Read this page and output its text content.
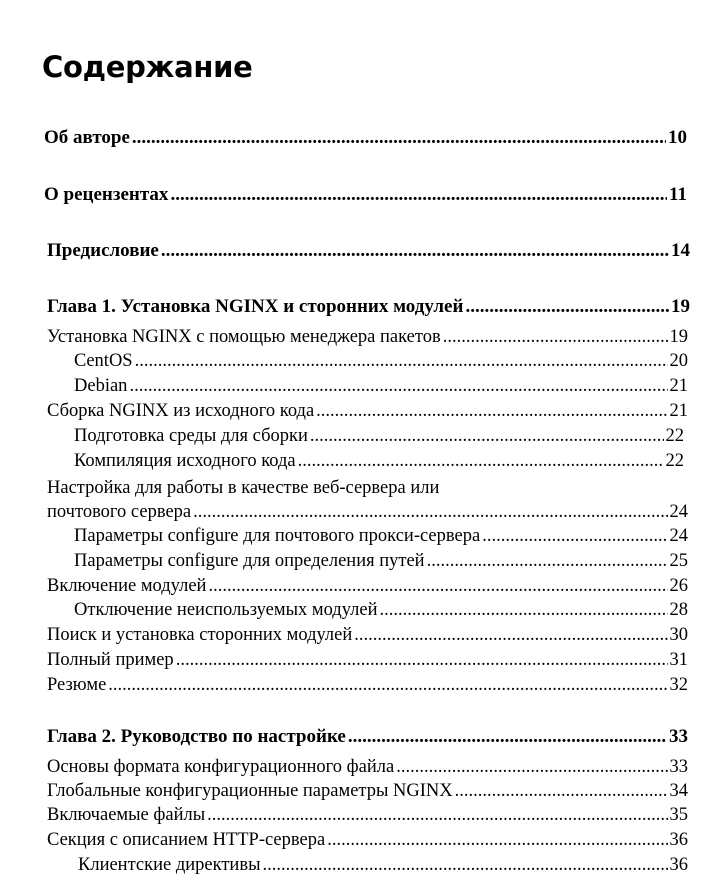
Содержание
Об авторе .....	10
О рецензентах .....	11
Предисловие .....	14
Глава 1. Установка NGINX и сторонних модулей .....	19
Установка NGINX с помощью менеджера пакетов .....	19
CentOS .....	20
Debian .....	21
Сборка NGINX из исходного кода .....	21
Подготовка среды для сборки .....	22
Компиляция исходного кода .....	22
Настройка для работы в качестве веб-сервера или
почтового сервера .....	24
Параметры configure для почтового прокси-сервера .....	24
Параметры configure для определения путей .....	25
Включение модулей .....	26
Отключение неиспользуемых модулей .....	28
Поиск и установка сторонних модулей .....	30
Полный пример .....	31
Резюме .....	32
Глава 2. Руководство по настройке .....	33
Основы формата конфигурационного файла .....	33
Глобальные конфигурационные параметры NGINX .....	34
Включаемые файлы .....	35
Секция с описанием HTTP-сервера .....	36
Клиентские директивы .....	36
